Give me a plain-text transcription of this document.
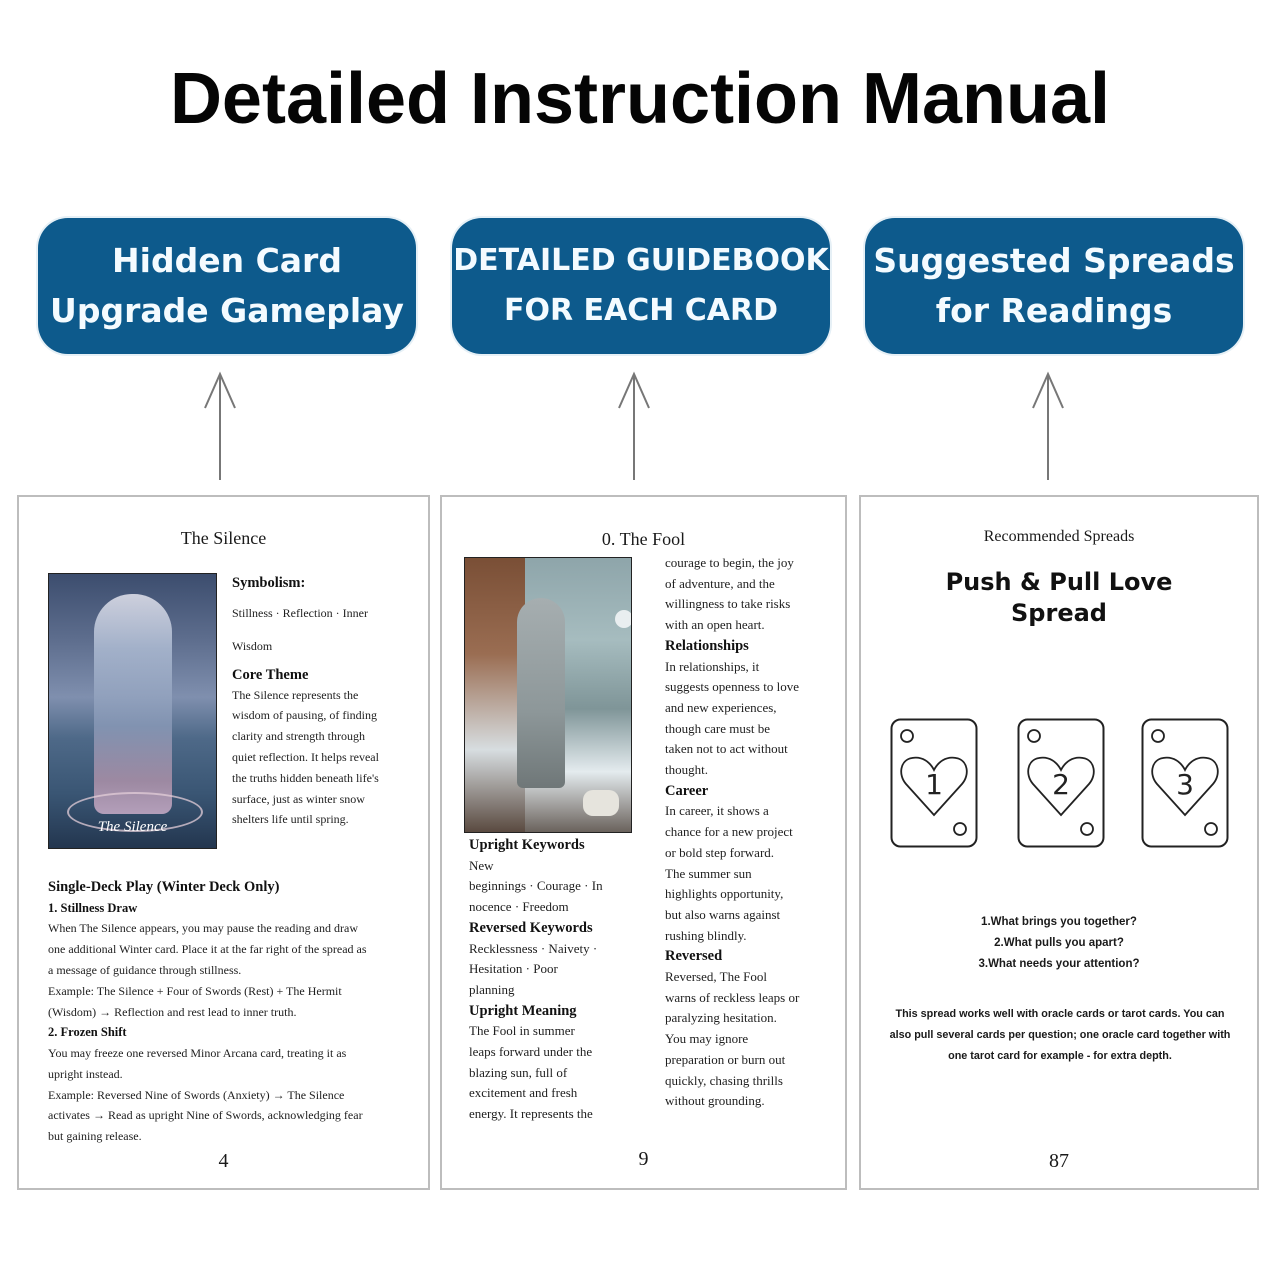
Detailed Instruction Manual
Hidden Card
Upgrade Gameplay
DETAILED GUIDEBOOK
FOR EACH CARD
Suggested Spreads
for Readings
The Silence
The Silence

Symbolism:

Stillness · Reflection · Inner

Wisdom

Core Theme

The Silence represents the

wisdom of pausing, of finding

clarity and strength through

quiet reflection. It helps reveal

the truths hidden beneath life's

surface, just as winter snow

shelters life until spring.

Single-Deck Play (Winter Deck Only)

1. Stillness Draw

When The Silence appears, you may pause the reading and draw

one additional Winter card. Place it at the far right of the spread as

a message of guidance through stillness.

Example: The Silence + Four of Swords (Rest) + The Hermit

(Wisdom) → Reflection and rest lead to inner truth.

2. Frozen Shift

You may freeze one reversed Minor Arcana card, treating it as

upright instead.

Example: Reversed Nine of Swords (Anxiety) → The Silence

activates → Read as upright Nine of Swords, acknowledging fear

but gaining release.

4
0. The Fool

courage to begin, the joy

of adventure, and the

willingness to take risks

with an open heart.

Relationships

In relationships, it

suggests openness to love

and new experiences,

though care must be

taken not to act without

thought.

Career

In career, it shows a

chance for a new project

or bold step forward.

The summer sun

highlights opportunity,

but also warns against

rushing blindly.

Reversed

Reversed, The Fool

warns of reckless leaps or

paralyzing hesitation.

You may ignore

preparation or burn out

quickly, chasing thrills

without grounding.

Upright Keywords

New

beginnings · Courage · In

nocence · Freedom

Reversed Keywords

Recklessness · Naivety ·

Hesitation · Poor

planning

Upright Meaning

The Fool in summer

leaps forward under the

blazing sun, full of

excitement and fresh

energy. It represents the

9
Recommended Spreads
Push & Pull Love
Spread
1	2	3
1.What brings you together?
2.What pulls you apart?
3.What needs your attention?
This spread works well with oracle cards or tarot cards. You can
also pull several cards per question; one oracle card together with
one tarot card for example - for extra depth.
87
